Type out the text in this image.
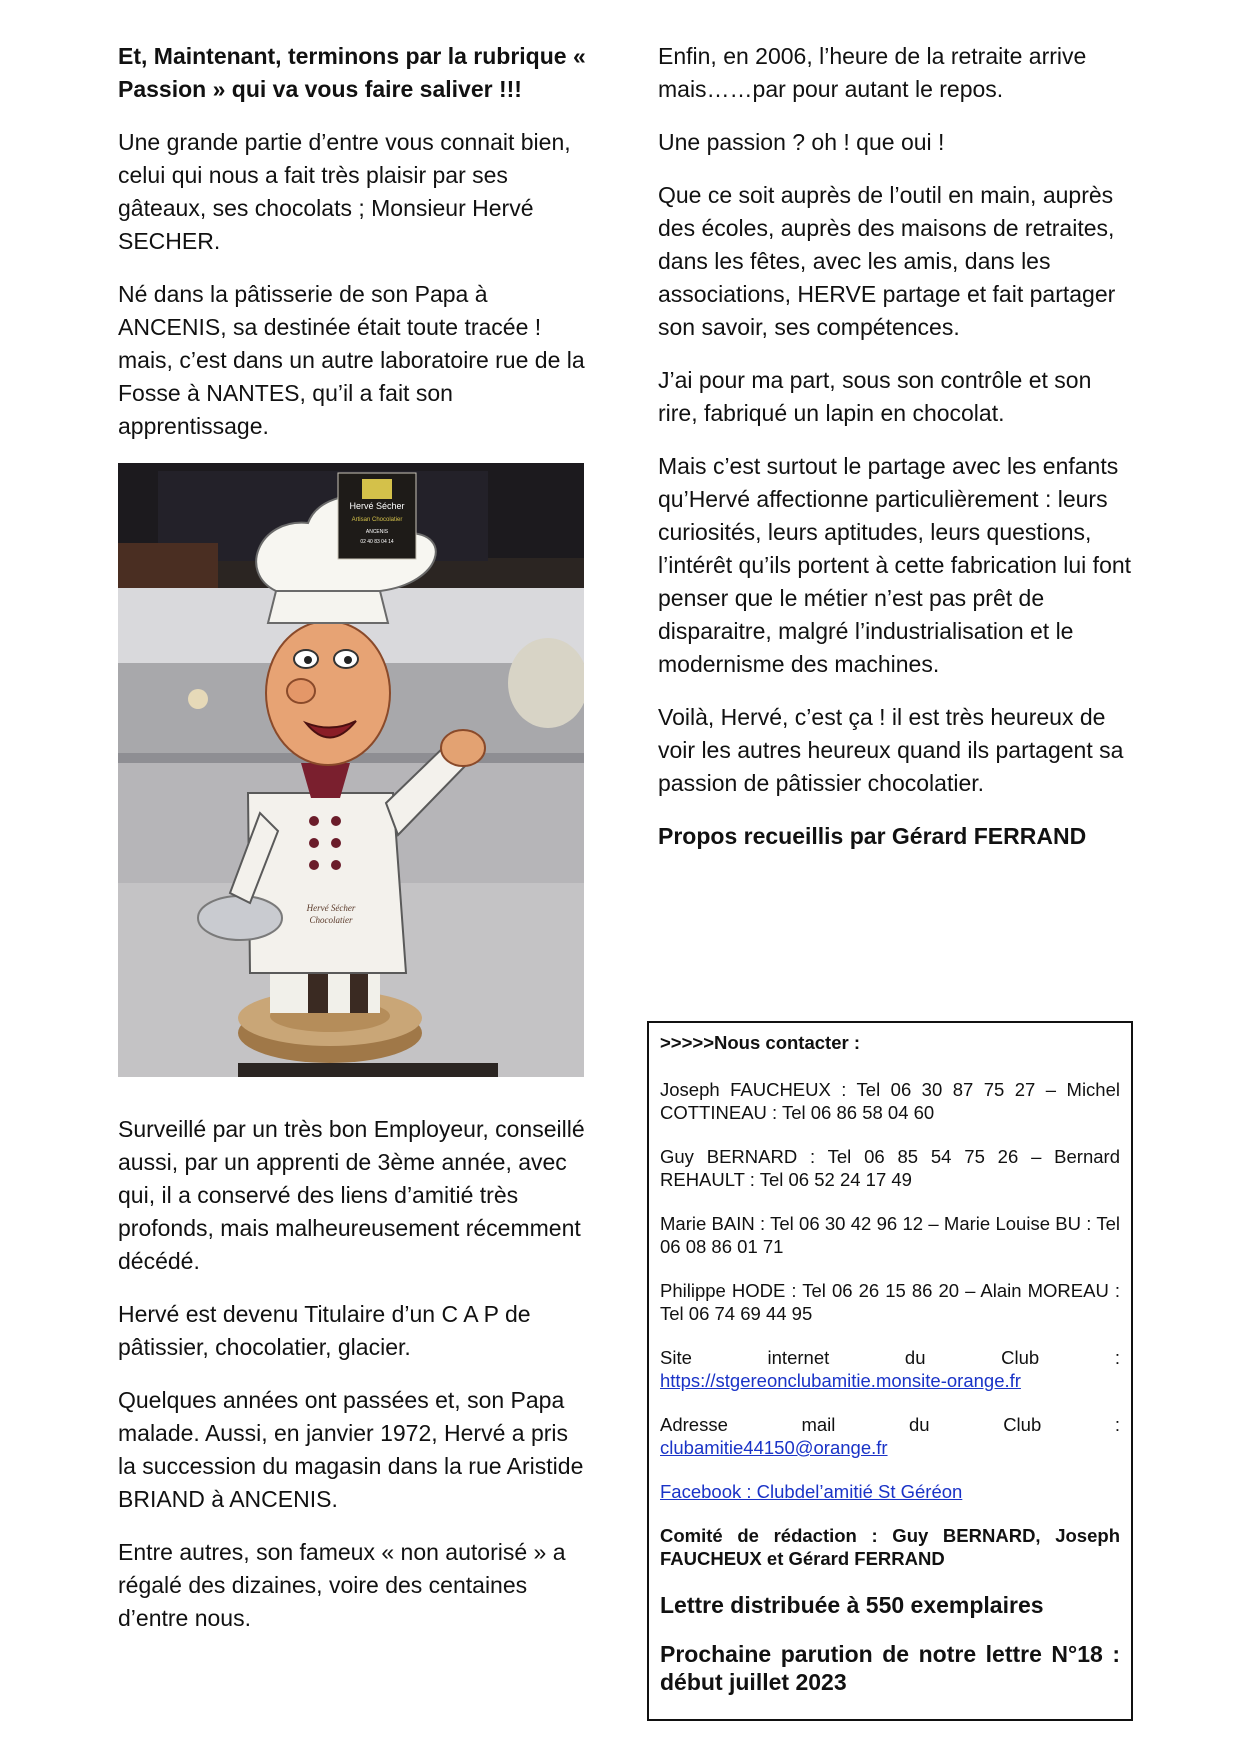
Et, Maintenant, terminons par la rubrique « Passion » qui va vous faire saliver !!!

Une grande partie d’entre vous connait bien, celui qui nous a fait très plaisir par ses gâteaux, ses chocolats ; Monsieur Hervé SECHER.

Né dans la pâtisserie de son Papa à ANCENIS, sa destinée était toute tracée ! mais, c’est dans un autre laboratoire rue de la Fosse à NANTES, qu’il a fait son apprentissage.

Hervé Sécher
Artisan Chocolatier
ANCENIS
02 40 83 04 14
Hervé Sécher
Chocolatier

Surveillé par un très bon Employeur, conseillé aussi, par un apprenti de 3ème année, avec qui, il a conservé des liens d’amitié très profonds, mais malheureusement récemment décédé.

Hervé est devenu Titulaire d’un C A P de pâtissier, chocolatier, glacier.

Quelques années ont passées et, son Papa malade. Aussi, en janvier 1972, Hervé a pris la succession du magasin dans la rue Aristide BRIAND à ANCENIS.

Entre autres, son fameux « non autorisé » a régalé des dizaines, voire des centaines d’entre nous.

Enfin, en 2006, l’heure de la retraite arrive mais……par pour autant le repos.

Une passion ? oh ! que oui !

Que ce soit auprès de l’outil en main, auprès des écoles, auprès des maisons de retraites, dans les fêtes, avec les amis, dans les associations, HERVE partage et fait partager son savoir, ses compétences.

J’ai pour ma part, sous son contrôle et son rire, fabriqué un lapin en chocolat.

Mais c’est surtout le partage avec les enfants qu’Hervé affectionne particulièrement : leurs curiosités, leurs aptitudes, leurs questions, l’intérêt qu’ils portent à cette fabrication lui font penser que le métier n’est pas prêt de disparaitre, malgré l’industrialisation et le modernisme des machines.

Voilà, Hervé, c’est ça ! il est très heureux de voir les autres heureux quand ils partagent sa passion de pâtissier chocolatier.

Propos recueillis par Gérard FERRAND

>>>>>Nous contacter :

Joseph FAUCHEUX : Tel 06 30 87 75 27 – Michel COTTINEAU : Tel 06 86 58 04 60

Guy BERNARD : Tel 06 85 54 75 26 – Bernard REHAULT : Tel 06 52 24 17 49

Marie BAIN : Tel 06 30 42 96 12 – Marie Louise BU : Tel 06 08 86 01 71

Philippe HODE : Tel 06 26 15 86 20 – Alain MOREAU : Tel 06 74 69 44 95

Site internet du Club :

https://stgereonclubamitie.monsite-orange.fr

Adresse mail du Club :

clubamitie44150@orange.fr

Facebook : Clubdel’amitié St Géréon

Comité de rédaction : Guy BERNARD, Joseph FAUCHEUX et Gérard FERRAND

Lettre distribuée à 550 exemplaires

Prochaine parution de notre lettre N°18 : début juillet 2023
